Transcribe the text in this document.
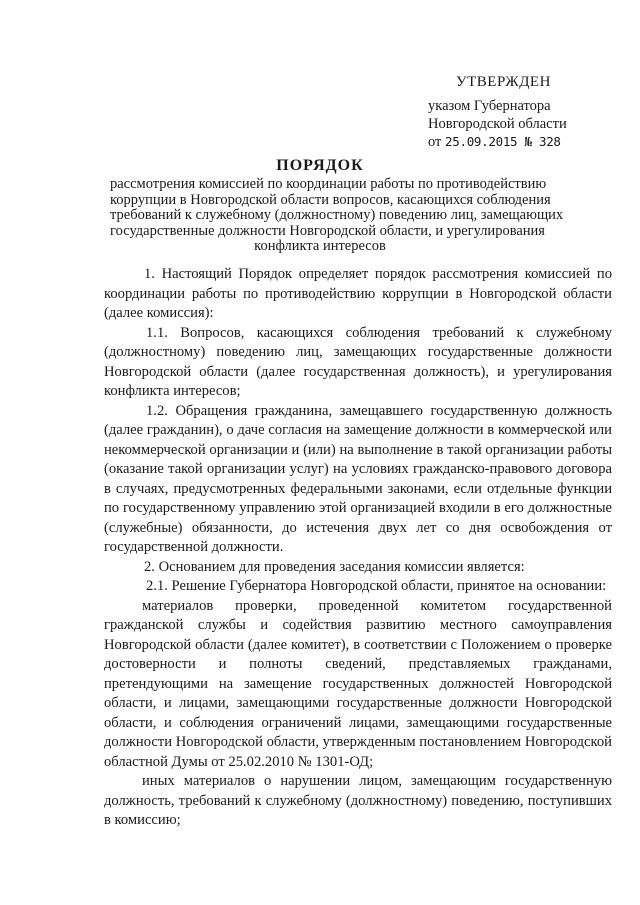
УТВЕРЖДЕН
указом Губернатора
Новгородской области
от 25.09.2015 № 328
ПОРЯДОК
рассмотрения комиссией по координации работы по противодействию
коррупции в Новгородской области вопросов, касающихся соблюдения
требований к служебному (должностному) поведению лиц, замещающих
государственные должности Новгородской области, и урегулирования
конфликта интересов

1. Настоящий Порядок определяет порядок рассмотрения комиссией по координации работы по противодействию коррупции в Новгородской области (далее комиссия):

1.1. Вопросов, касающихся соблюдения требований к служебному (должностному) поведению лиц, замещающих государственные должности Новгородской области (далее государственная должность), и урегулирования конфликта интересов;

1.2. Обращения гражданина, замещавшего государственную должность (далее гражданин), о даче согласия на замещение должности в коммерческой или некоммерческой организации и (или) на выполнение в такой организации работы (оказание такой организации услуг) на условиях гражданско-правового договора в случаях, предусмотренных федеральными законами, если отдельные функции по государственному управлению этой организацией входили в его должностные (служебные) обязанности, до истечения двух лет со дня освобождения от государственной должности.

2. Основанием для проведения заседания комиссии является:

2.1. Решение Губернатора Новгородской области, принятое на основании:

материалов проверки, проведенной комитетом государственной гражданской службы и содействия развитию местного самоуправления Новгородской области (далее комитет), в соответствии с Положением о проверке достоверности и полноты сведений, представляемых гражданами, претендующими на замещение государственных должностей Новгородской области, и лицами, замещающими государственные должности Новгородской области, и соблюдения ограничений лицами, замещающими государственные должности Новгородской области, утвержденным постановлением Новгородской областной Думы от 25.02.2010 № 1301-ОД;

иных материалов о нарушении лицом, замещающим государственную должность, требований к служебному (должностному) поведению, поступивших в комиссию;
